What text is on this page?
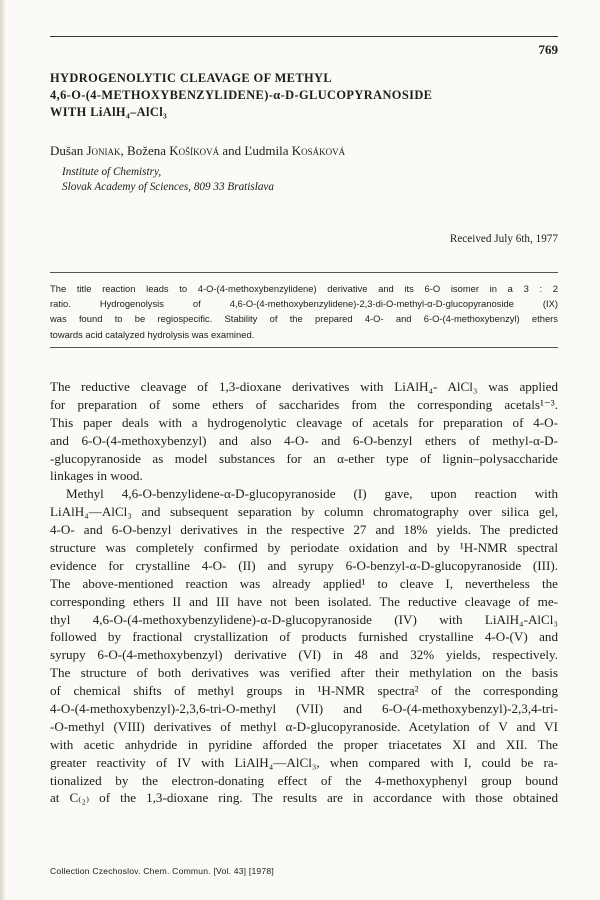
769
HYDROGENOLYTIC CLEAVAGE OF METHYL
4,6-O-(4-METHOXYBENZYLIDENE)-α-D-GLUCOPYRANOSIDE
WITH LiAlH₄–AlCl₃
Dušan Joniak, Božena Košíková and Ľudmila Kosáková
Institute of Chemistry,
Slovak Academy of Sciences, 809 33 Bratislava
Received July 6th, 1977
The title reaction leads to 4-O-(4-methoxybenzylidene) derivative and its 6-O isomer in a 3 : 2
ratio. Hydrogenolysis of 4,6-O-(4-methoxybenzylidene)-2,3-di-O-methyl-α-D-glucopyranoside (IX)
was found to be regiospecific. Stability of the prepared 4-O- and 6-O-(4-methoxybenzyl) ethers
towards acid catalyzed hydrolysis was examined.
The reductive cleavage of 1,3-dioxane derivatives with LiAlH₄- AlCl₃ was applied
for preparation of some ethers of saccharides from the corresponding acetals¹⁻³.
This paper deals with a hydrogenolytic cleavage of acetals for preparation of 4-O-
and 6-O-(4-methoxybenzyl) and also 4-O- and 6-O-benzyl ethers of methyl-α-D-
-glucopyranoside as model substances for an α-ether type of lignin–polysaccharide
linkages in wood.
Methyl 4,6-O-benzylidene-α-D-glucopyranoside (I) gave, upon reaction with
LiAlH₄—AlCl₃ and subsequent separation by column chromatography over silica gel,
4-O- and 6-O-benzyl derivatives in the respective 27 and 18% yields. The predicted
structure was completely confirmed by periodate oxidation and by ¹H-NMR spectral
evidence for crystalline 4-O- (II) and syrupy 6-O-benzyl-α-D-glucopyranoside (III).
The above-mentioned reaction was already applied¹ to cleave I, nevertheless the
corresponding ethers II and III have not been isolated. The reductive cleavage of me-
thyl 4,6-O-(4-methoxybenzylidene)-α-D-glucopyranoside (IV) with LiAlH₄-AlCl₃
followed by fractional crystallization of products furnished crystalline 4-O-(V) and
syrupy 6-O-(4-methoxybenzyl) derivative (VI) in 48 and 32% yields, respectively.
The structure of both derivatives was verified after their methylation on the basis
of chemical shifts of methyl groups in ¹H-NMR spectra² of the corresponding
4-O-(4-methoxybenzyl)-2,3,6-tri-O-methyl (VII) and 6-O-(4-methoxybenzyl)-2,3,4-tri-
-O-methyl (VIII) derivatives of methyl α-D-glucopyranoside. Acetylation of V and VI
with acetic anhydride in pyridine afforded the proper triacetates XI and XII. The
greater reactivity of IV with LiAlH₄—AlCl₃, when compared with I, could be ra-
tionalized by the electron-donating effect of the 4-methoxyphenyl group bound
at C₍₂₎ of the 1,3-dioxane ring. The results are in accordance with those obtained
Collection Czechoslov. Chem. Commun. [Vol. 43] [1978]
